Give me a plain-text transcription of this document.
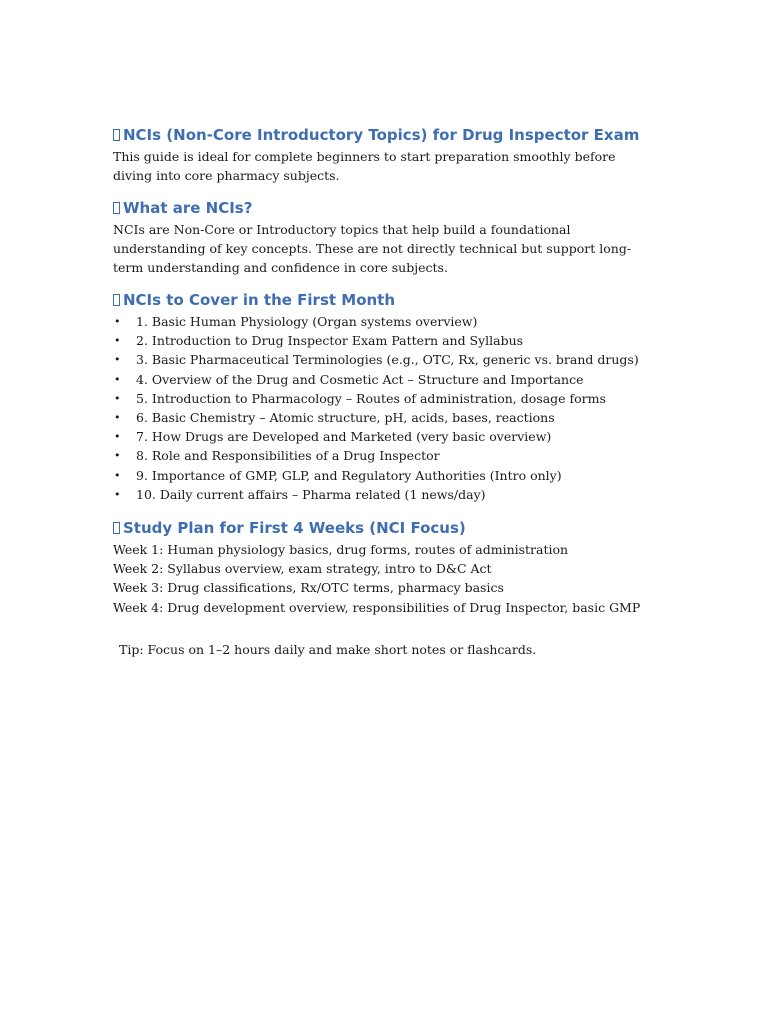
NCIs (Non-Core Introductory Topics) for Drug Inspector Exam

This guide is ideal for complete beginners to start preparation smoothly before diving into core pharmacy subjects.

What are NCIs?

NCIs are Non-Core or Introductory topics that help build a foundational understanding of key concepts. These are not directly technical but support long-term understanding and confidence in core subjects.

NCIs to Cover in the First Month
• 1. Basic Human Physiology (Organ systems overview)
• 2. Introduction to Drug Inspector Exam Pattern and Syllabus
• 3. Basic Pharmaceutical Terminologies (e.g., OTC, Rx, generic vs. brand drugs)
• 4. Overview of the Drug and Cosmetic Act – Structure and Importance
• 5. Introduction to Pharmacology – Routes of administration, dosage forms
• 6. Basic Chemistry – Atomic structure, pH, acids, bases, reactions
• 7. How Drugs are Developed and Marketed (very basic overview)
• 8. Role and Responsibilities of a Drug Inspector
• 9. Importance of GMP, GLP, and Regulatory Authorities (Intro only)
• 10. Daily current affairs – Pharma related (1 news/day)
Study Plan for First 4 Weeks (NCI Focus)
Week 1: Human physiology basics, drug forms, routes of administration
Week 2: Syllabus overview, exam strategy, intro to D&C Act
Week 3: Drug classifications, Rx/OTC terms, pharmacy basics
Week 4: Drug development overview, responsibilities of Drug Inspector, basic GMP
Tip: Focus on 1–2 hours daily and make short notes or flashcards.
